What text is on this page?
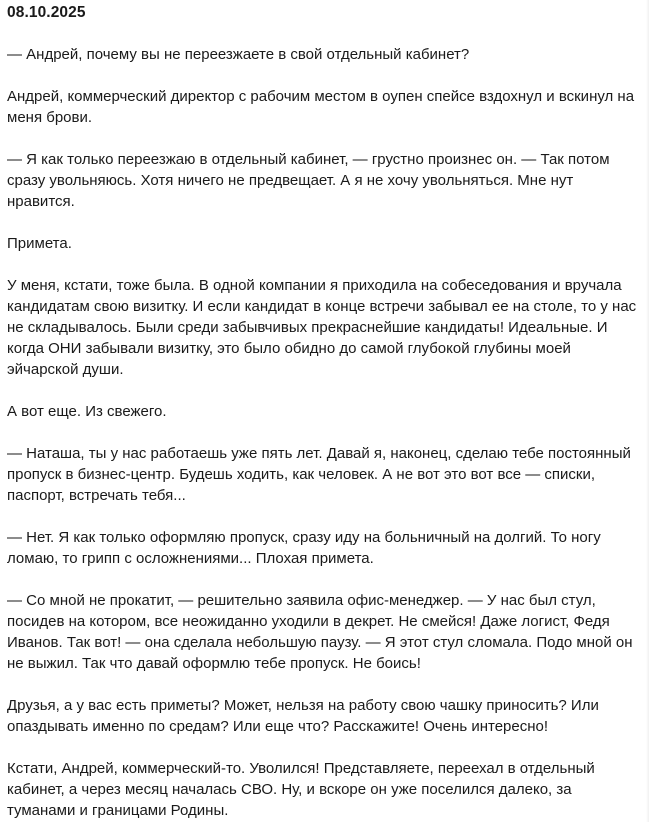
08.10.2025

— Андрей, почему вы не переезжаете в свой отдельный кабинет?

Андрей, коммерческий директор с рабочим местом в оупен спейсе вздохнул и вскинул на меня брови.

— Я как только переезжаю в отдельный кабинет, — грустно произнес он. — Так потом сразу увольняюсь. Хотя ничего не предвещает. А я не хочу увольняться. Мне нут нравится.

Примета.

У меня, кстати, тоже была. В одной компании я приходила на собеседования и вручала кандидатам свою визитку. И если кандидат в конце встречи забывал ее на столе, то у нас не складывалось. Были среди забывчивых прекраснейшие кандидаты! Идеальные. И когда ОНИ забывали визитку, это было обидно до самой глубокой глубины моей эйчарской души.

А вот еще. Из свежего.

— Наташа, ты у нас работаешь уже пять лет. Давай я, наконец, сделаю тебе постоянный пропуск в бизнес-центр. Будешь ходить, как человек. А не вот это вот все — списки, паспорт, встречать тебя...

— Нет. Я как только оформляю пропуск, сразу иду на больничный на долгий. То ногу ломаю, то грипп с осложнениями... Плохая примета.

— Со мной не прокатит, — решительно заявила офис-менеджер. — У нас был стул, посидев на котором, все неожиданно уходили в декрет. Не смейся! Даже логист, Федя Иванов. Так вот! — она сделала небольшую паузу. — Я этот стул сломала. Подо мной он не выжил. Так что давай оформлю тебе пропуск. Не боись!

Друзья, а у вас есть приметы? Может, нельзя на работу свою чашку приносить? Или опаздывать именно по средам? Или еще что? Расскажите! Очень интересно!

Кстати, Андрей, коммерческий-то. Уволился! Представляете, переехал в отдельный кабинет, а через месяц началась СВО. Ну, и вскоре он уже поселился далеко, за туманами и границами Родины.
